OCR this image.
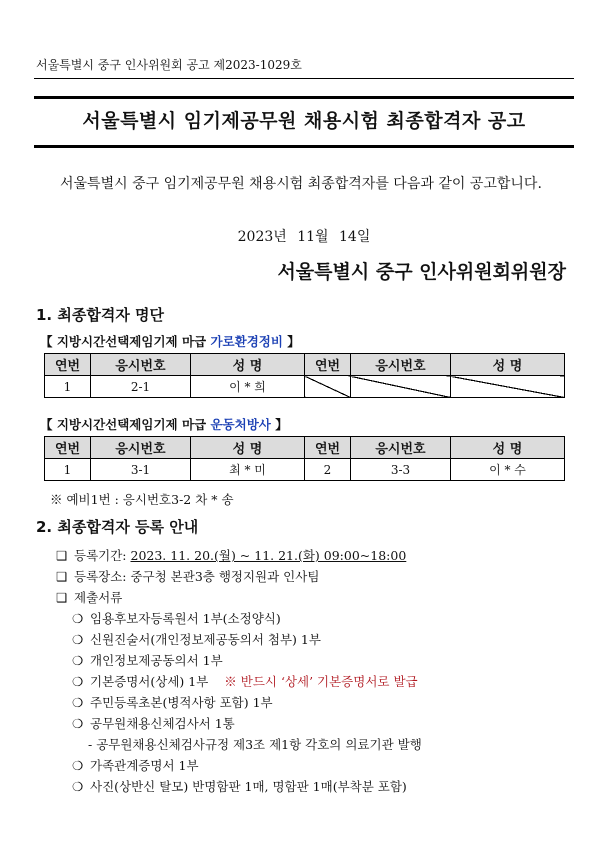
서울특별시 중구 인사위원회 공고 제2023-1029호
서울특별시 임기제공무원 채용시험 최종합격자 공고
서울특별시 중구 임기제공무원 채용시험 최종합격자를 다음과 같이 공고합니다.
2023년 11월 14일
서울특별시 중구 인사위원회위원장
1. 최종합격자 명단
【 지방시간선택제임기제 마급 가로환경정비 】
연번	응시번호	성 명	연번	응시번호	성 명
1	2-1	이 * 희			
【 지방시간선택제임기제 마급 운동처방사 】
연번	응시번호	성 명	연번	응시번호	성 명
1	3-1	최 * 미	2	3-3	이 * 수
※ 예비1번 : 응시번호3-2 차 * 송
2. 최종합격자 등록 안내
❑ 등록기간: 2023. 11. 20.(월) ~ 11. 21.(화) 09:00~18:00
❑ 등록장소: 중구청 본관3층 행정지원과 인사팀
❑ 제출서류
❍ 임용후보자등록원서 1부(소정양식)
❍ 신원진술서(개인정보제공동의서 첨부) 1부
❍ 개인정보제공동의서 1부
❍ 기본증명서(상세) 1부 ※ 반드시 ‘상세’ 기본증명서로 발급
❍ 주민등록초본(병적사항 포함) 1부
❍ 공무원채용신체검사서 1통
- 공무원채용신체검사규정 제3조 제1항 각호의 의료기관 발행
❍ 가족관계증명서 1부
❍ 사진(상반신 탈모) 반명함판 1매, 명함판 1매(부착분 포함)
